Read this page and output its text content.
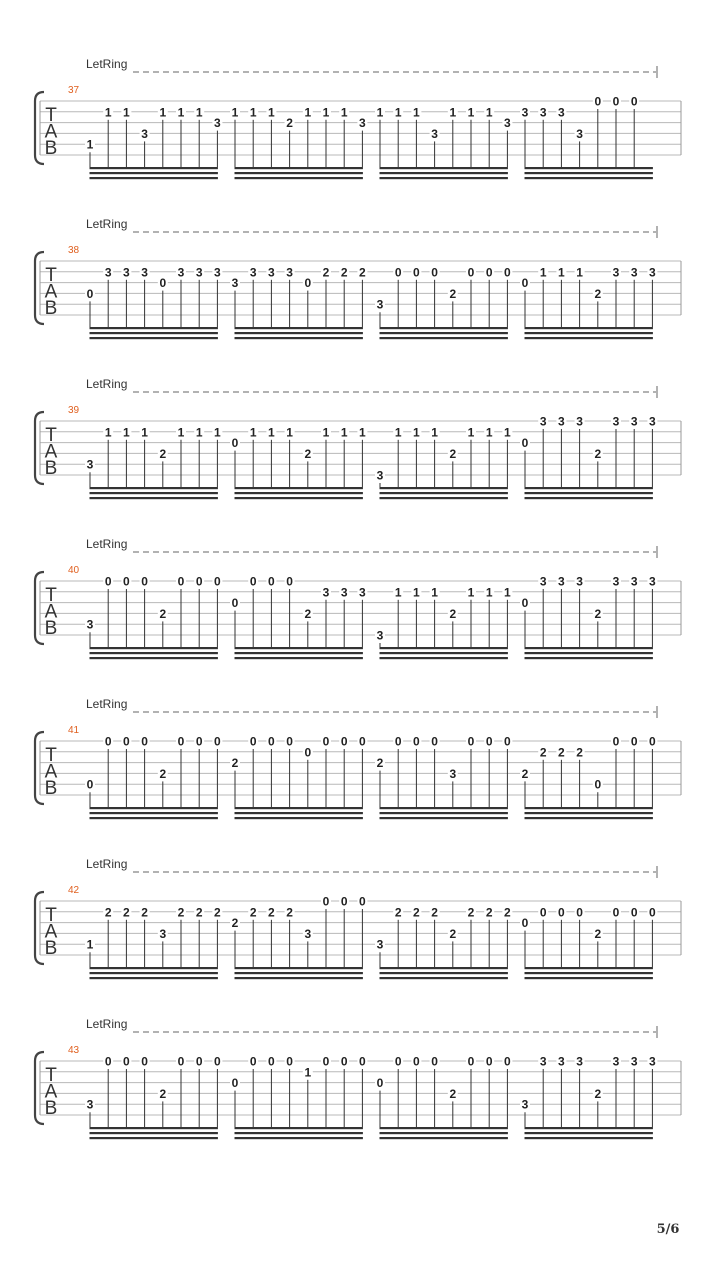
LetRing
37
T
A
B 1
1 1
3
1 1 1
3
1 1 1
2
1 1 1
3
1 1 1
3
1 1 1
3
3 3 3
3
0 0 0
LetRing
38
T
A
B
0
3 3 3
0
3 3 3
3
3 3 3
0
2 2 2
3
0 0 0
2
0 0 0
0
1 1 1
2
3 3 3
LetRing
39
T
A
B 3
1 1 1
2
1 1 1
0
1 1 1
2
1 1 1
3
1 1 1
2
1 1 1
0
3 3 3
2
3 3 3
LetRing
40
T
A
B 3
0 0 0
2
0 0 0
0
0 0 0
2
3 3 3
3
1 1 1
2
1 1 1
0
3 3 3
2
3 3 3
LetRing
41
T
A
B 0
0 0 0
2
0 0 0
2
0 0 0
0
0 0 0
2
0 0 0
3
0 0 0
2
2 2 2
0
0 0 0
LetRing
42
T
A
B 1
2 2 2
3
2 2 2
2
2 2 2
3
0 0 0
3
2 2 2
2
2 2 2
0
0 0 0
2
0 0 0
LetRing
43
T
A
B 3
0 0 0
2
0 0 0
0
0 0 0
1
0 0 0
0
0 0 0
2
0 0 0
3
3 3 3
2
3 3 3
5/6
